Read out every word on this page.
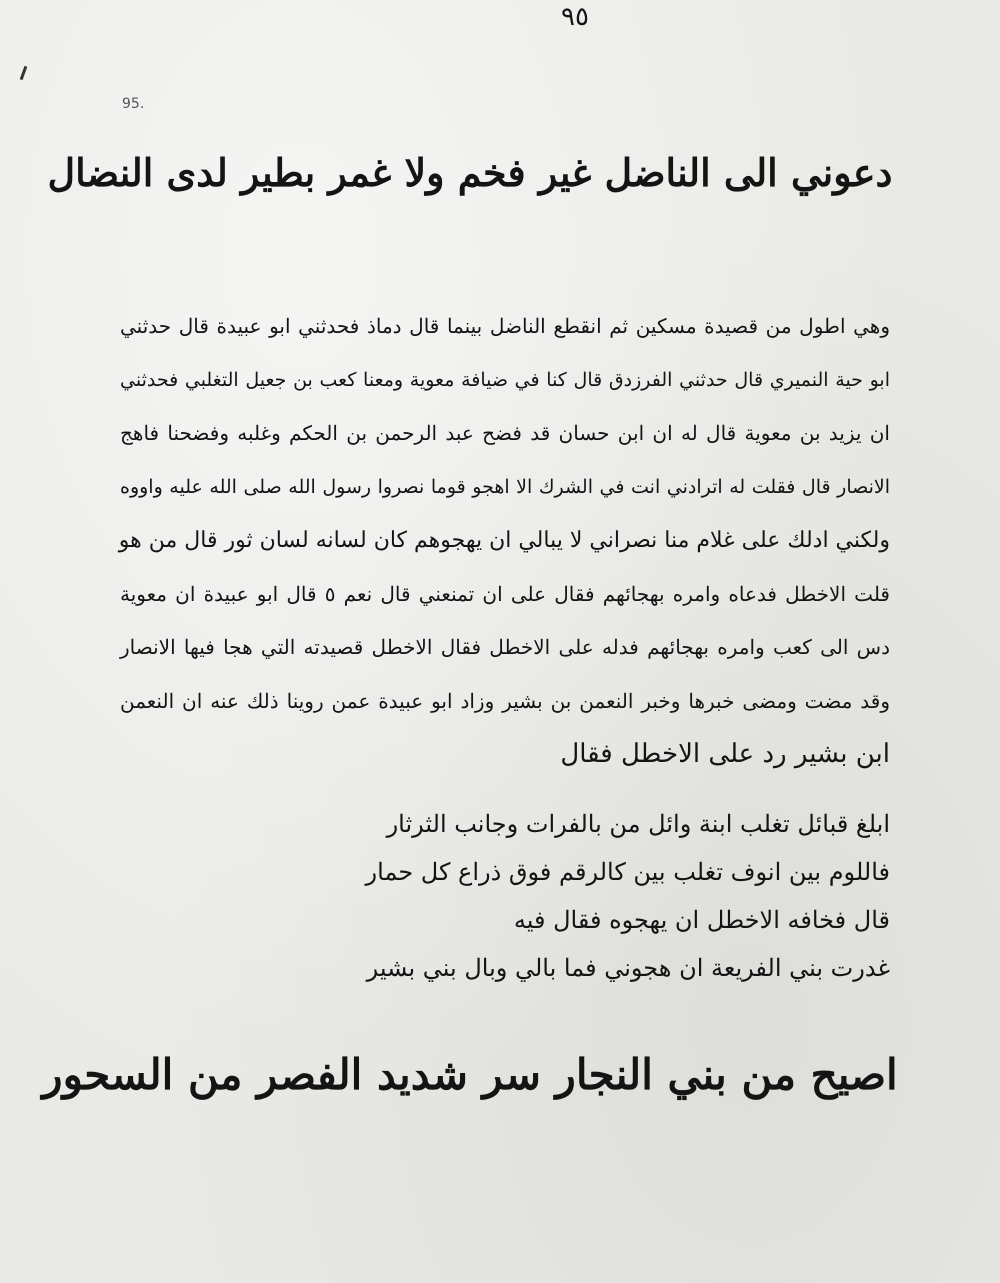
٩٥
95.
دعوني الى الناضل غير فخم ولا غمر بطير لدى النضال
وهي اطول من قصيدة مسكين ثم انقطع الناضل بينما قال دماذ فحدثني ابو عبيدة قال حدثني
ابو حية النميري قال حدثني الفرزدق قال كنا في ضيافة معوية ومعنا كعب بن جعيل التغلبي فحدثني
ان يزيد بن معوية قال له ان ابن حسان قد فضح عبد الرحمن بن الحكم وغلبه وفضحنا فاهج
الانصار قال فقلت له اترادني انت في الشرك الا اهجو قوما نصروا رسول الله صلى الله عليه واووه
ولكني ادلك على غلام منا نصراني لا يبالي ان يهجوهم كان لسانه لسان ثور قال من هو
قلت الاخطل فدعاه وامره بهجائهم فقال على ان تمنعني قال نعم ٥ قال ابو عبيدة ان معوية
دس الى كعب وامره بهجائهم فدله على الاخطل فقال الاخطل قصيدته التي هجا فيها الانصار
وقد مضت ومضى خبرها وخبر النعمن بن بشير وزاد ابو عبيدة عمن روينا ذلك عنه ان النعمن
ابن بشير رد على الاخطل فقال
ابلغ قبائل تغلب ابنة وائل من بالفرات وجانب الثرثار
فاللوم بين انوف تغلب بين كالرقم فوق ذراع كل حمار
قال فخافه الاخطل ان يهجوه فقال فيه
غدرت بني الفريعة ان هجوني فما بالي وبال بني بشير
اصيح من بني النجار سر شديد الفصر من السحور
